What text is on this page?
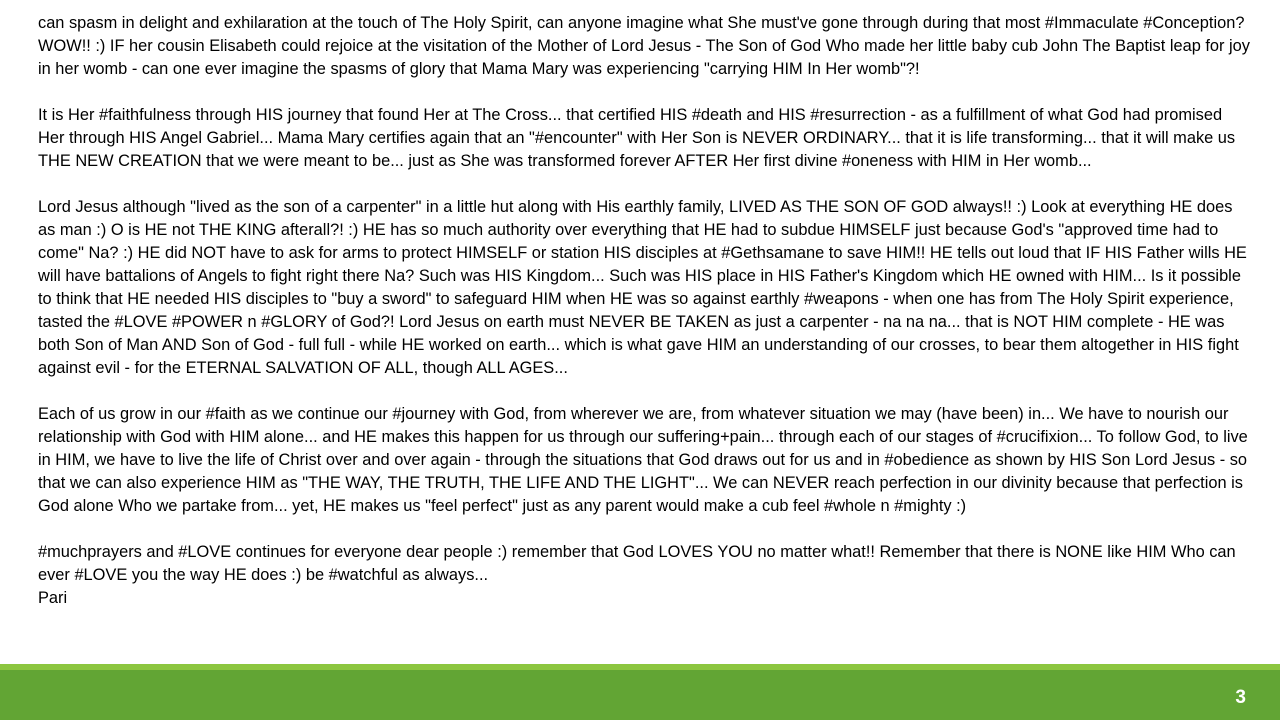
can spasm in delight and exhilaration at the touch of The Holy Spirit, can anyone imagine what She must've gone through during that most #Immaculate #Conception? WOW!! :) IF her cousin Elisabeth could rejoice at the visitation of the Mother of Lord Jesus - The Son of God Who made her little baby cub John The Baptist leap for joy in her womb - can one ever imagine the spasms of glory that Mama Mary was experiencing "carrying HIM In Her womb"?!

It is Her #faithfulness through HIS journey that found Her at The Cross... that certified HIS #death and HIS #resurrection - as a fulfillment of what God had promised Her through HIS Angel Gabriel... Mama Mary certifies again that an "#encounter" with Her Son is NEVER ORDINARY... that it is life transforming... that it will make us THE NEW CREATION that we were meant to be... just as She was transformed forever AFTER Her first divine #oneness with HIM in Her womb...

Lord Jesus although "lived as the son of a carpenter" in a little hut along with His earthly family, LIVED AS THE SON OF GOD always!! :) Look at everything HE does as man :) O is HE not THE KING afterall?! :) HE has so much authority over everything that HE had to subdue HIMSELF just because God's "approved time had to come" Na? :) HE did NOT have to ask for arms to protect HIMSELF or station HIS disciples at #Gethsamane to save HIM!! HE tells out loud that IF HIS Father wills HE will have battalions of Angels to fight right there Na? Such was HIS Kingdom... Such was HIS place in HIS Father's Kingdom which HE owned with HIM... Is it possible to think that HE needed HIS disciples to "buy a sword" to safeguard HIM when HE was so against earthly #weapons - when one has from The Holy Spirit experience, tasted the #LOVE #POWER n #GLORY of God?! Lord Jesus on earth must NEVER BE TAKEN as just a carpenter - na na na... that is NOT HIM complete - HE was both Son of Man AND Son of God - full full - while HE worked on earth... which is what gave HIM an understanding of our crosses, to bear them altogether in HIS fight against evil - for the ETERNAL SALVATION OF ALL, though ALL AGES...

Each of us grow in our #faith as we continue our #journey with God, from wherever we are, from whatever situation we may (have been) in... We have to nourish our relationship with God with HIM alone... and HE makes this happen for us through our suffering+pain... through each of our stages of #crucifixion... To follow God, to live in HIM, we have to live the life of Christ over and over again - through the situations that God draws out for us and in #obedience as shown by HIS Son Lord Jesus - so that we can also experience HIM as "THE WAY, THE TRUTH, THE LIFE AND THE LIGHT"... We can NEVER reach perfection in our divinity because that perfection is God alone Who we partake from... yet, HE makes us "feel perfect" just as any parent would make a cub feel #whole n #mighty :)

#muchprayers and #LOVE continues for everyone dear people :) remember that God LOVES YOU no matter what!! Remember that there is NONE like HIM Who can ever #LOVE you the way HE does :) be #watchful as always...
Pari

3
